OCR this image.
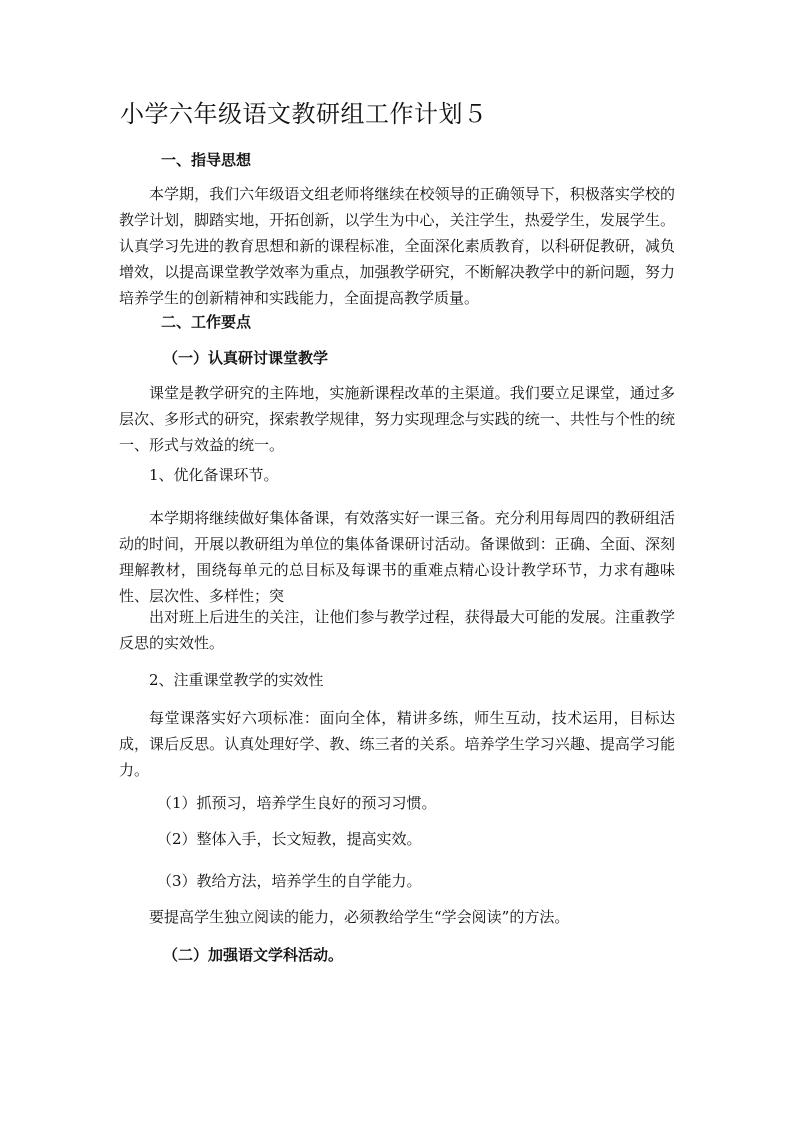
小学六年级语文教研组工作计划５
一、指导思想

本学期，我们六年级语文组老师将继续在校领导的正确领导下，积极落实学校的教学计划，脚踏实地，开拓创新，以学生为中心，关注学生，热爱学生，发展学生。认真学习先进的教育思想和新的课程标准，全面深化素质教育，以科研促教研，减负增效，以提高课堂教学效率为重点，加强教学研究，不断解决教学中的新问题，努力培养学生的创新精神和实践能力，全面提高教学质量。

二、工作要点
（一）认真研讨课堂教学

课堂是教学研究的主阵地，实施新课程改革的主渠道。我们要立足课堂，通过多层次、多形式的研究，探索教学规律，努力实现理念与实践的统一、共性与个性的统一、形式与效益的统一。

1、优化备课环节。

本学期将继续做好集体备课，有效落实好一课三备。充分利用每周四的教研组活动的时间，开展以教研组为单位的集体备课研讨活动。备课做到：正确、全面、深刻理解教材，围绕每单元的总目标及每课书的重难点精心设计教学环节，力求有趣味性、层次性、多样性；突

出对班上后进生的关注，让他们参与教学过程，获得最大可能的发展。注重教学反思的实效性。

2、注重课堂教学的实效性

每堂课落实好六项标准：面向全体，精讲多练，师生互动，技术运用，目标达成，课后反思。认真处理好学、教、练三者的关系。培养学生学习兴趣、提高学习能力。

（1）抓预习，培养学生良好的预习习惯。

（2）整体入手，长文短教，提高实效。

（3）教给方法，培养学生的自学能力。

要提高学生独立阅读的能力，必须教给学生“学会阅读”的方法。

（二）加强语文学科活动。
